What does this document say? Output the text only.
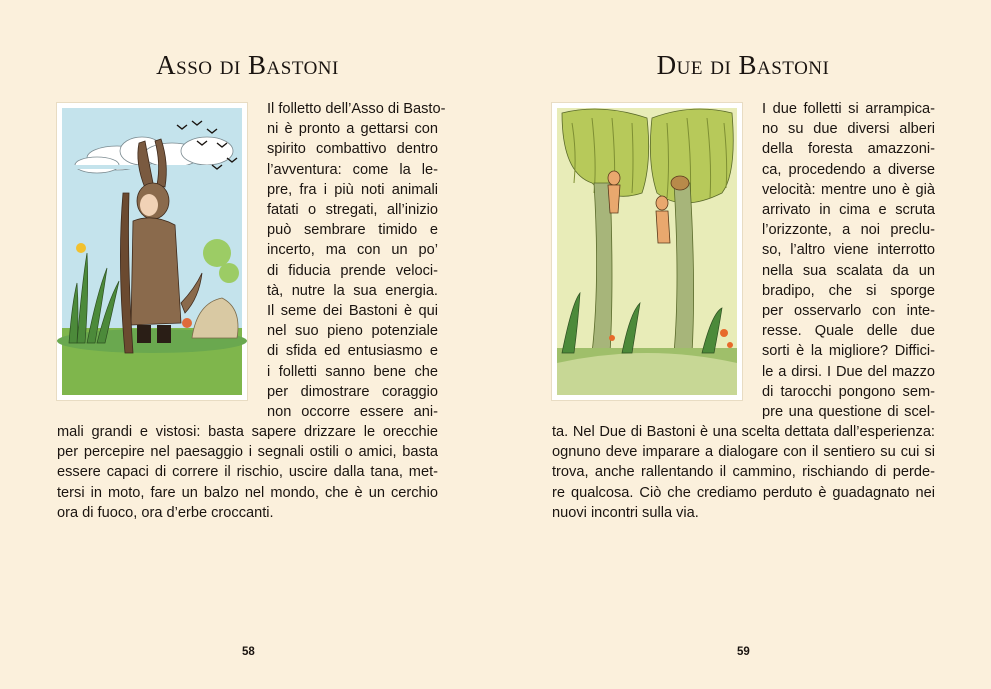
Asso di Bastoni
Il folletto dell’Asso di Basto-
ni è pronto a gettarsi con
spirito combattivo dentro
l’avventura: come la le-
pre, fra i più noti animali
fatati o stregati, all’inizio
può sembrare timido e
incerto, ma con un po’
di fiducia prende veloci-
tà, nutre la sua energia.
Il seme dei Bastoni è qui
nel suo pieno potenziale
di sfida ed entusiasmo e
i folletti sanno bene che
per dimostrare coraggio
non occorre essere ani-
mali grandi e vistosi: basta sapere drizzare le orecchie
per percepire nel paesaggio i segnali ostili o amici, basta
essere capaci di correre il rischio, uscire dalla tana, met-
tersi in moto, fare un balzo nel mondo, che è un cerchio
ora di fuoco, ora d’erbe croccanti.
58
Due di Bastoni
I due folletti si arrampica-
no su due diversi alberi
della foresta amazzoni-
ca, procedendo a diverse
velocità: mentre uno è già
arrivato in cima e scruta
l’orizzonte, a noi preclu-
so, l’altro viene interrotto
nella sua scalata da un
bradipo, che si sporge
per osservarlo con inte-
resse. Quale delle due
sorti è la migliore? Diffici-
le a dirsi. I Due del mazzo
di tarocchi pongono sem-
pre una questione di scel-
ta. Nel Due di Bastoni è una scelta dettata dall’esperienza:
ognuno deve imparare a dialogare con il sentiero su cui si
trova, anche rallentando il cammino, rischiando di perde-
re qualcosa. Ciò che crediamo perduto è guadagnato nei
nuovi incontri sulla via.
59
